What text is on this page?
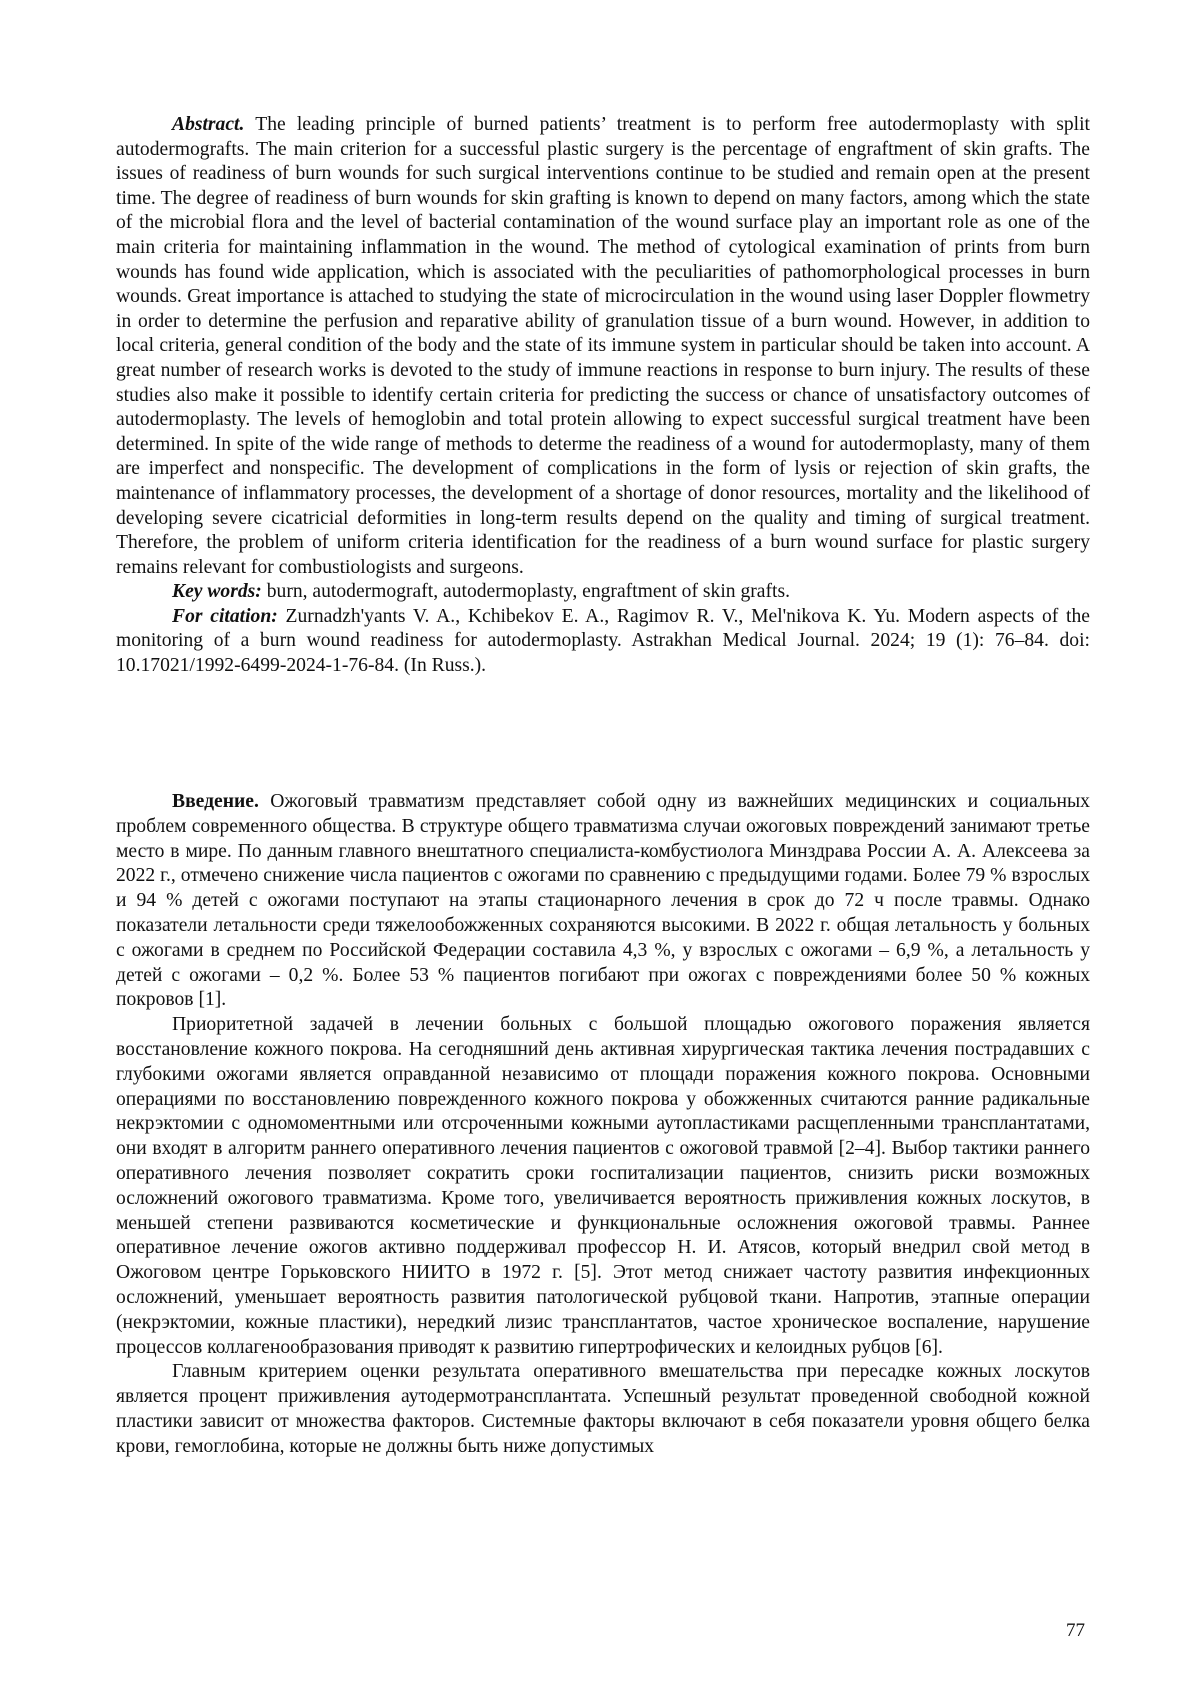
Abstract. The leading principle of burned patients’ treatment is to perform free autodermoplasty with split autodermografts. The main criterion for a successful plastic surgery is the percentage of engraftment of skin grafts. The issues of readiness of burn wounds for such surgical interventions continue to be studied and remain open at the present time. The degree of readiness of burn wounds for skin grafting is known to depend on many factors, among which the state of the microbial flora and the level of bacterial contamination of the wound surface play an important role as one of the main criteria for maintaining inflammation in the wound. The method of cytological examination of prints from burn wounds has found wide application, which is associated with the peculiarities of pathomorphological processes in burn wounds. Great importance is attached to studying the state of microcirculation in the wound using laser Doppler flowmetry in order to determine the perfusion and reparative ability of granulation tissue of a burn wound. However, in addition to local criteria, general condition of the body and the state of its immune system in particular should be taken into account. A great number of research works is devoted to the study of immune reactions in response to burn injury. The results of these studies also make it possible to identify certain criteria for predicting the success or chance of unsatisfactory outcomes of autodermoplasty. The levels of hemoglobin and total protein allowing to expect successful surgical treatment have been determined. In spite of the wide range of methods to determe the readiness of a wound for autodermoplasty, many of them are imperfect and nonspecific. The development of complications in the form of lysis or rejection of skin grafts, the maintenance of inflammatory processes, the development of a shortage of donor resources, mortality and the likelihood of developing severe cicatricial deformities in long-term results depend on the quality and timing of surgical treatment. Therefore, the problem of uniform criteria identification for the readiness of a burn wound surface for plastic surgery remains relevant for combustiologists and surgeons.

Key words: burn, autodermograft, autodermoplasty, engraftment of skin grafts.

For citation: Zurnadzh'yants V. A., Kchibekov E. A., Ragimov R. V., Mel'nikova K. Yu. Modern aspects of the monitoring of a burn wound readiness for autodermoplasty. Astrakhan Medical Journal. 2024; 19 (1): 76–84. doi: 10.17021/1992-6499-2024-1-76-84. (In Russ.).

Введение. Ожоговый травматизм представляет собой одну из важнейших медицинских и социальных проблем современного общества. В структуре общего травматизма случаи ожоговых повреждений занимают третье место в мире. По данным главного внештатного специалиста-комбустиолога Минздрава России А. А. Алексеева за 2022 г., отмечено снижение числа пациентов с ожогами по сравнению с предыдущими годами. Более 79 % взрослых и 94 % детей с ожогами поступают на этапы стационарного лечения в срок до 72 ч после травмы. Однако показатели летальности среди тяжелообожженных сохраняются высокими. В 2022 г. общая летальность у больных с ожогами в среднем по Российской Федерации составила 4,3 %, у взрослых с ожогами – 6,9 %, а летальность у детей с ожогами – 0,2 %. Более 53 % пациентов погибают при ожогах с повреждениями более 50 % кожных покровов [1].

Приоритетной задачей в лечении больных с большой площадью ожогового поражения является восстановление кожного покрова. На сегодняшний день активная хирургическая тактика лечения пострадавших с глубокими ожогами является оправданной независимо от площади поражения кожного покрова. Основными операциями по восстановлению поврежденного кожного покрова у обожженных считаются ранние радикальные некрэктомии с одномоментными или отсроченными кожными аутопластиками расщепленными трансплантатами, они входят в алгоритм раннего оперативного лечения пациентов с ожоговой травмой [2–4]. Выбор тактики раннего оперативного лечения позволяет сократить сроки госпитализации пациентов, снизить риски возможных осложнений ожогового травматизма. Кроме того, увеличивается вероятность приживления кожных лоскутов, в меньшей степени развиваются косметические и функциональные осложнения ожоговой травмы. Раннее оперативное лечение ожогов активно поддерживал профессор Н. И. Атясов, который внедрил свой метод в Ожоговом центре Горьковского НИИТО в 1972 г. [5]. Этот метод снижает частоту развития инфекционных осложнений, уменьшает вероятность развития патологической рубцовой ткани. Напротив, этапные операции (некрэктомии, кожные пластики), нередкий лизис трансплантатов, частое хроническое воспаление, нарушение процессов коллагенообразования приводят к развитию гипертрофических и келоидных рубцов [6].

Главным критерием оценки результата оперативного вмешательства при пересадке кожных лоскутов является процент приживления аутодермотрансплантата. Успешный результат проведенной свободной кожной пластики зависит от множества факторов. Системные факторы включают в себя показатели уровня общего белка крови, гемоглобина, которые не должны быть ниже допустимых

77
